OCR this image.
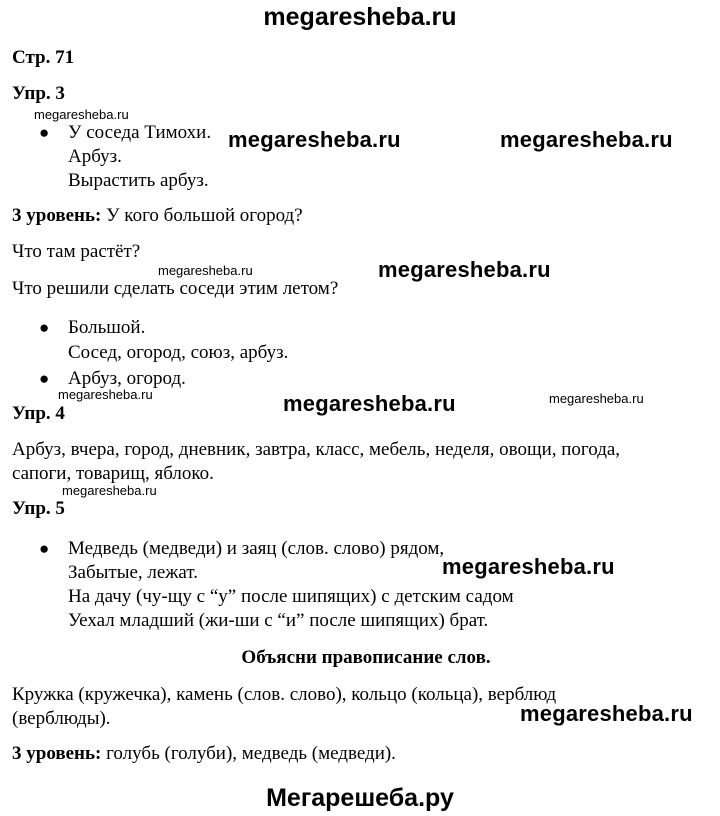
megaresheba.ru
Стр. 71
Упр. 3
megaresheba.ru
● У соседа Тимохи.
Арбуз.
Вырастить арбуз.
megaresheba.ru	megaresheba.ru
3 уровень: У кого большой огород?
Что там растёт?
megaresheba.ru	megaresheba.ru
Что решили сделать соседи этим летом?
● Большой.
Сосед, огород, союз, арбуз.
● Арбуз, огород.
megaresheba.ru
Упр. 4	megaresheba.ru	megaresheba.ru
Арбуз, вчера, город, дневник, завтра, класс, мебель, неделя, овощи, погода,
сапоги, товарищ, яблоко.
megaresheba.ru
Упр. 5
● Медведь (медведи) и заяц (слов. слово) рядом,
Забытые, лежат.	megaresheba.ru
На дачу (чу-щу с “у” после шипящих) с детским садом
Уехал младший (жи-ши с “и” после шипящих) брат.
Объясни правописание слов.
Кружка (кружечка), камень (слов. слово), кольцо (кольца), верблюд
(верблюды).	megaresheba.ru
3 уровень: голубь (голуби), медведь (медведи).
Мегарешеба.ру
